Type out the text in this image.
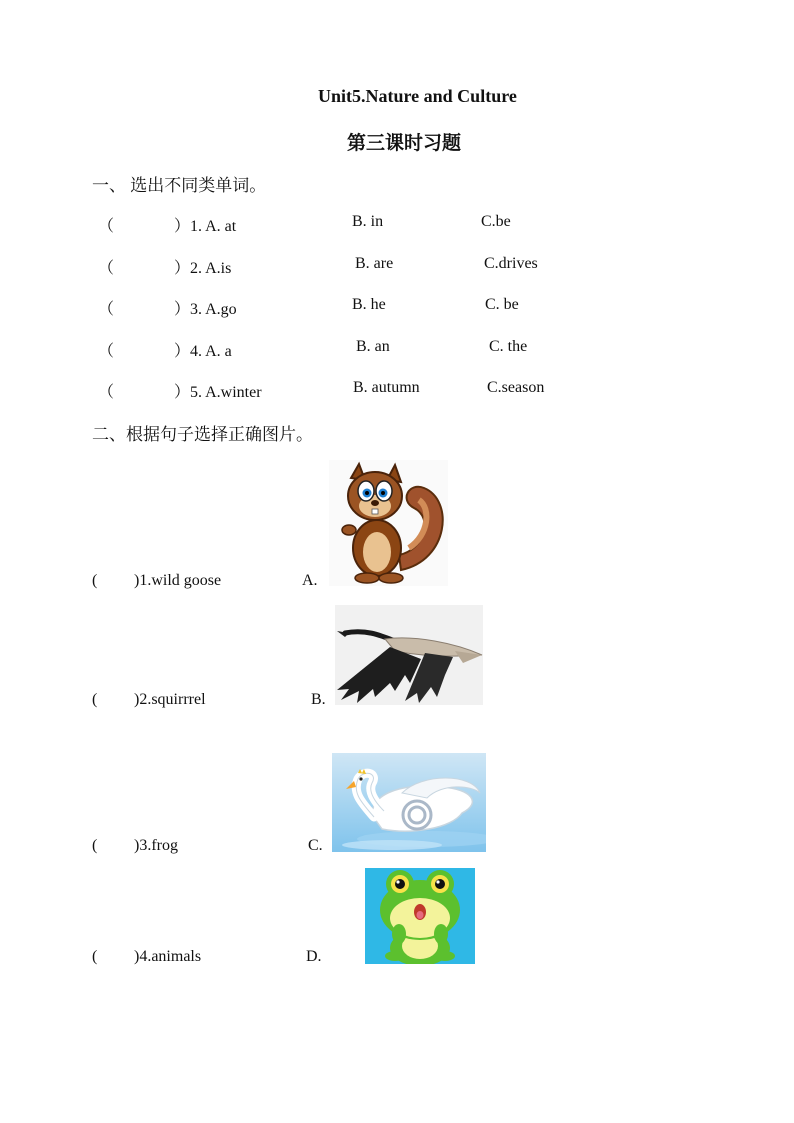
Unit5.Nature and Culture
第三课时习题
一、 选出不同类单词。
（	）1. A. at	B. in	C.be
（	）2. A.is	B. are	C.drives
（	）3. A.go	B. he	C. be
（	）4. A. a	B. an	C. the
（	）5. A.winter	B. autumn	C.season
二、根据句子选择正确图片。
( )1.wild goose	A.
( )2.squirrrel	B.
( )3.frog	C.
( )4.animals	D.
